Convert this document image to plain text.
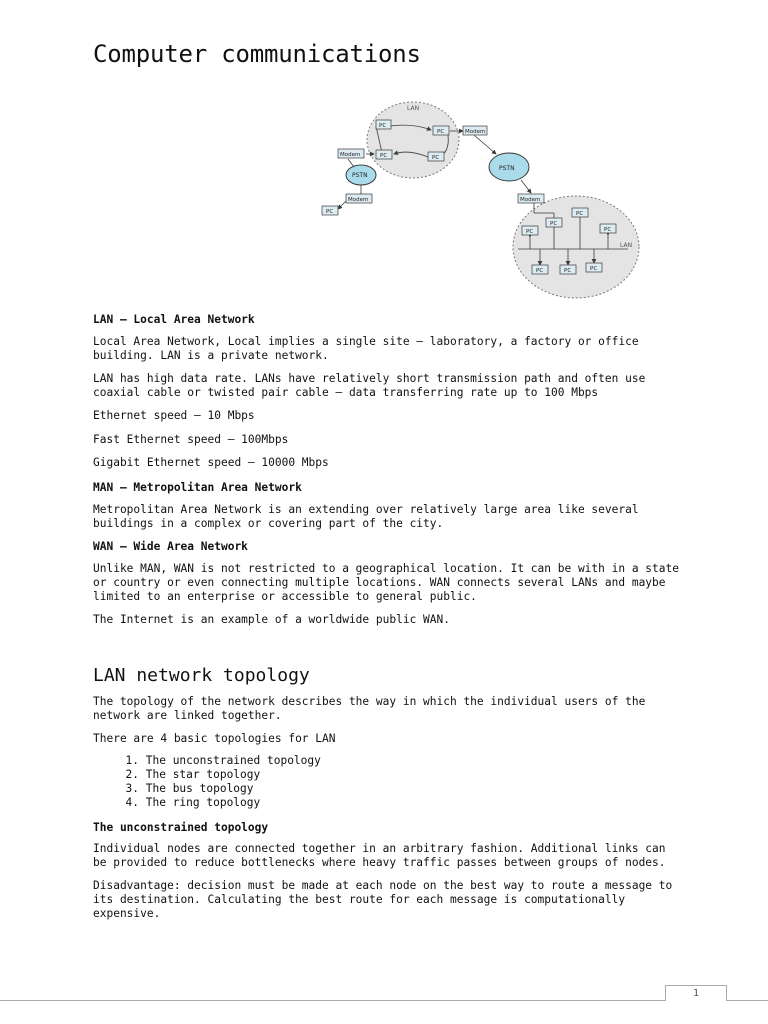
Computer communications
LAN
LAN
PSTN
PSTN
PC
PC	Modem
PC
PC
Modem
Modem
PC
Modem
PC
PC
PC	PC
PC	PC	PC

LAN – Local Area Network

Local Area Network, Local implies a single site – laboratory, a factory or office

building. LAN is a private network.

LAN has high data rate. LANs have relatively short transmission path and often use

coaxial cable or twisted pair cable – data transferring rate up to 100 Mbps

Ethernet speed – 10 Mbps

Fast Ethernet speed – 100Mbps

Gigabit Ethernet speed – 10000 Mbps

MAN – Metropolitan Area Network

Metropolitan Area Network is an extending over relatively large area like several

buildings in a complex or covering part of the city.

WAN – Wide Area Network

Unlike MAN, WAN is not restricted to a geographical location. It can be with in a state

or country or even connecting multiple locations. WAN connects several LANs and maybe

limited to an enterprise or accessible to general public.

The Internet is an example of a worldwide public WAN.

LAN network topology

The topology of the network describes the way in which the individual users of the

network are linked together.

There are 4 basic topologies for LAN

1. The unconstrained topology
2. The star topology
3. The bus topology
4. The ring topology

The unconstrained topology

Individual nodes are connected together in an arbitrary fashion. Additional links can

be provided to reduce bottlenecks where heavy traffic passes between groups of nodes.

Disadvantage: decision must be made at each node on the best way to route a message to

its destination. Calculating the best route for each message is computationally

expensive.

1
